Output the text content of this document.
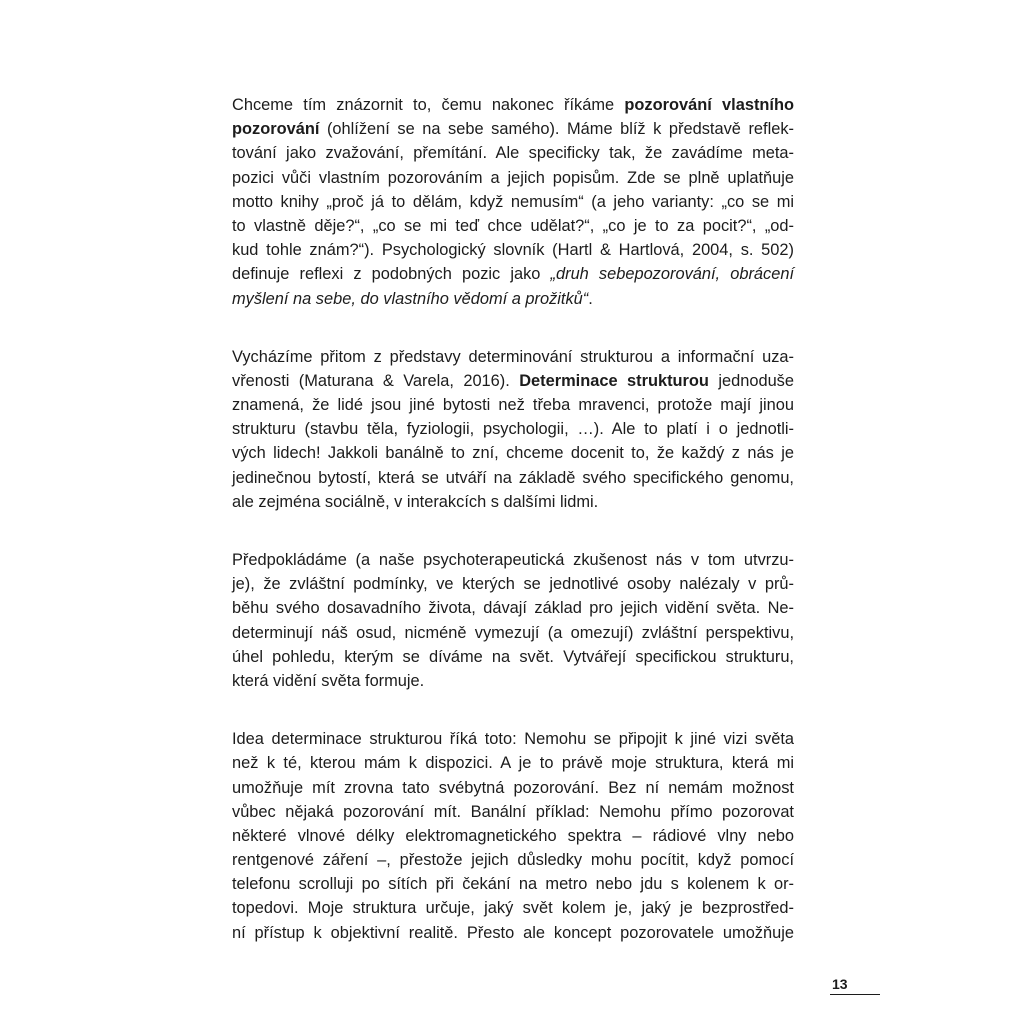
Chceme tím znázornit to, čemu nakonec říkáme pozorování vlastního
pozorování (ohlížení se na sebe samého). Máme blíž k představě reflek-
tování jako zvažování, přemítání. Ale specificky tak, že zavádíme meta-
pozici vůči vlastním pozorováním a jejich popisům. Zde se plně uplatňuje
motto knihy „proč já to dělám, když nemusím“ (a jeho varianty: „co se mi
to vlastně děje?“, „co se mi teď chce udělat?“, „co je to za pocit?“, „od-
kud tohle znám?“). Psychologický slovník (Hartl & Hartlová, 2004, s. 502)
definuje reflexi z podobných pozic jako „druh sebepozorování, obrácení
myšlení na sebe, do vlastního vědomí a prožitků“.
Vycházíme přitom z představy determinování strukturou a informační uza-
vřenosti (Maturana & Varela, 2016). Determinace strukturou jednoduše
znamená, že lidé jsou jiné bytosti než třeba mravenci, protože mají jinou
strukturu (stavbu těla, fyziologii, psychologii, …). Ale to platí i o jednotli-
vých lidech! Jakkoli banálně to zní, chceme docenit to, že každý z nás je
jedinečnou bytostí, která se utváří na základě svého specifického genomu,
ale zejména sociálně, v interakcích s dalšími lidmi.
Předpokládáme (a naše psychoterapeutická zkušenost nás v tom utvrzu-
je), že zvláštní podmínky, ve kterých se jednotlivé osoby nalézaly v prů-
běhu svého dosavadního života, dávají základ pro jejich vidění světa. Ne-
determinují náš osud, nicméně vymezují (a omezují) zvláštní perspektivu,
úhel pohledu, kterým se díváme na svět. Vytvářejí specifickou strukturu,
která vidění světa formuje.
Idea determinace strukturou říká toto: Nemohu se připojit k jiné vizi světa
než k té, kterou mám k dispozici. A je to právě moje struktura, která mi
umožňuje mít zrovna tato svébytná pozorování. Bez ní nemám možnost
vůbec nějaká pozorování mít. Banální příklad: Nemohu přímo pozorovat
některé vlnové délky elektromagnetického spektra – rádiové vlny nebo
rentgenové záření –, přestože jejich důsledky mohu pocítit, když pomocí
telefonu scrolluji po sítích při čekání na metro nebo jdu s kolenem k or-
topedovi. Moje struktura určuje, jaký svět kolem je, jaký je bezprostřed-
ní přístup k objektivní realitě. Přesto ale koncept pozorovatele umožňuje
13
